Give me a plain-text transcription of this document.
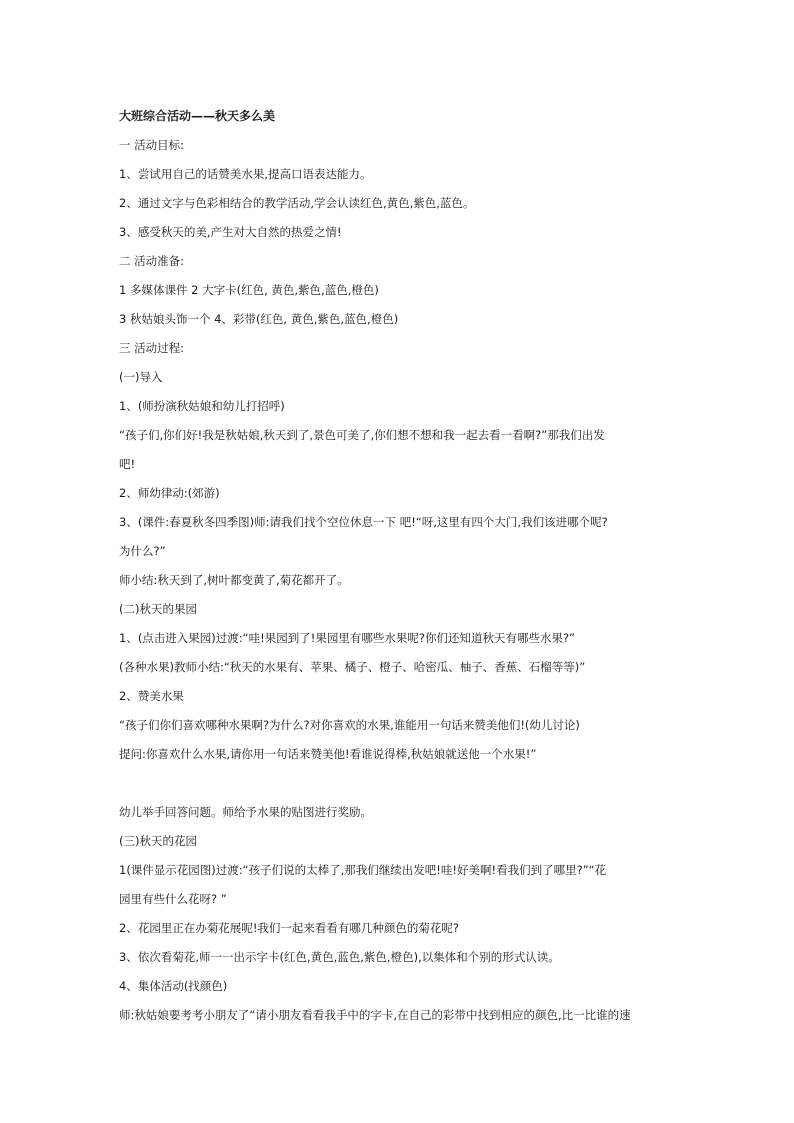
大班综合活动——秋天多么美
一 活动目标:
1、尝试用自己的话赞美水果,提高口语表达能力。
2、通过文字与色彩相结合的教学活动,学会认读红色,黄色,紫色,蓝色。
3、感受秋天的美,产生对大自然的热爱之情!
二 活动准备:
1 多媒体课件 2 大字卡(红色, 黄色,紫色,蓝色,橙色)
3 秋姑娘头饰一个 4、彩带(红色, 黄色,紫色,蓝色,橙色)
三 活动过程:
(一)导入
1、(师扮演秋姑娘和幼儿打招呼)
“孩子们,你们好!我是秋姑娘,秋天到了,景色可美了,你们想不想和我一起去看一看啊?”那我们出发
吧!
2、师幼律动:(郊游)
3、(课件:春夏秋冬四季图)师:请我们找个空位休息一下 吧!“呀,这里有四个大门,我们该进哪个呢?
为什么?”
师小结:秋天到了,树叶都变黄了,菊花都开了。
(二)秋天的果园
1、(点击进入果园)过渡:“哇!果园到了!果园里有哪些水果呢?你们还知道秋天有哪些水果?”
(各种水果)教师小结:“秋天的水果有、苹果、橘子、橙子、哈密瓜、柚子、香蕉、石榴等等)”
2、赞美水果
“孩子们你们喜欢哪种水果啊?为什么?对你喜欢的水果,谁能用一句话来赞美他们!(幼儿讨论)
提问:你喜欢什么水果,请你用一句话来赞美他!看谁说得棒,秋姑娘就送他一个水果!”
幼儿举手回答问题。师给予水果的贴图进行奖励。
(三)秋天的花园
1(课件显示花园图)过渡:“孩子们说的太棒了,那我们继续出发吧!哇!好美啊!看我们到了哪里?”“花
园里有些什么花呀? ”
2、花园里正在办菊花展呢!我们一起来看看有哪几种颜色的菊花呢?
3、依次看菊花,师一一出示字卡(红色,黄色,蓝色,紫色,橙色),以集体和个别的形式认读。
4、集体活动(找颜色)
师:秋姑娘要考考小朋友了“请小朋友看看我手中的字卡,在自己的彩带中找到相应的颜色,比一比谁的速
